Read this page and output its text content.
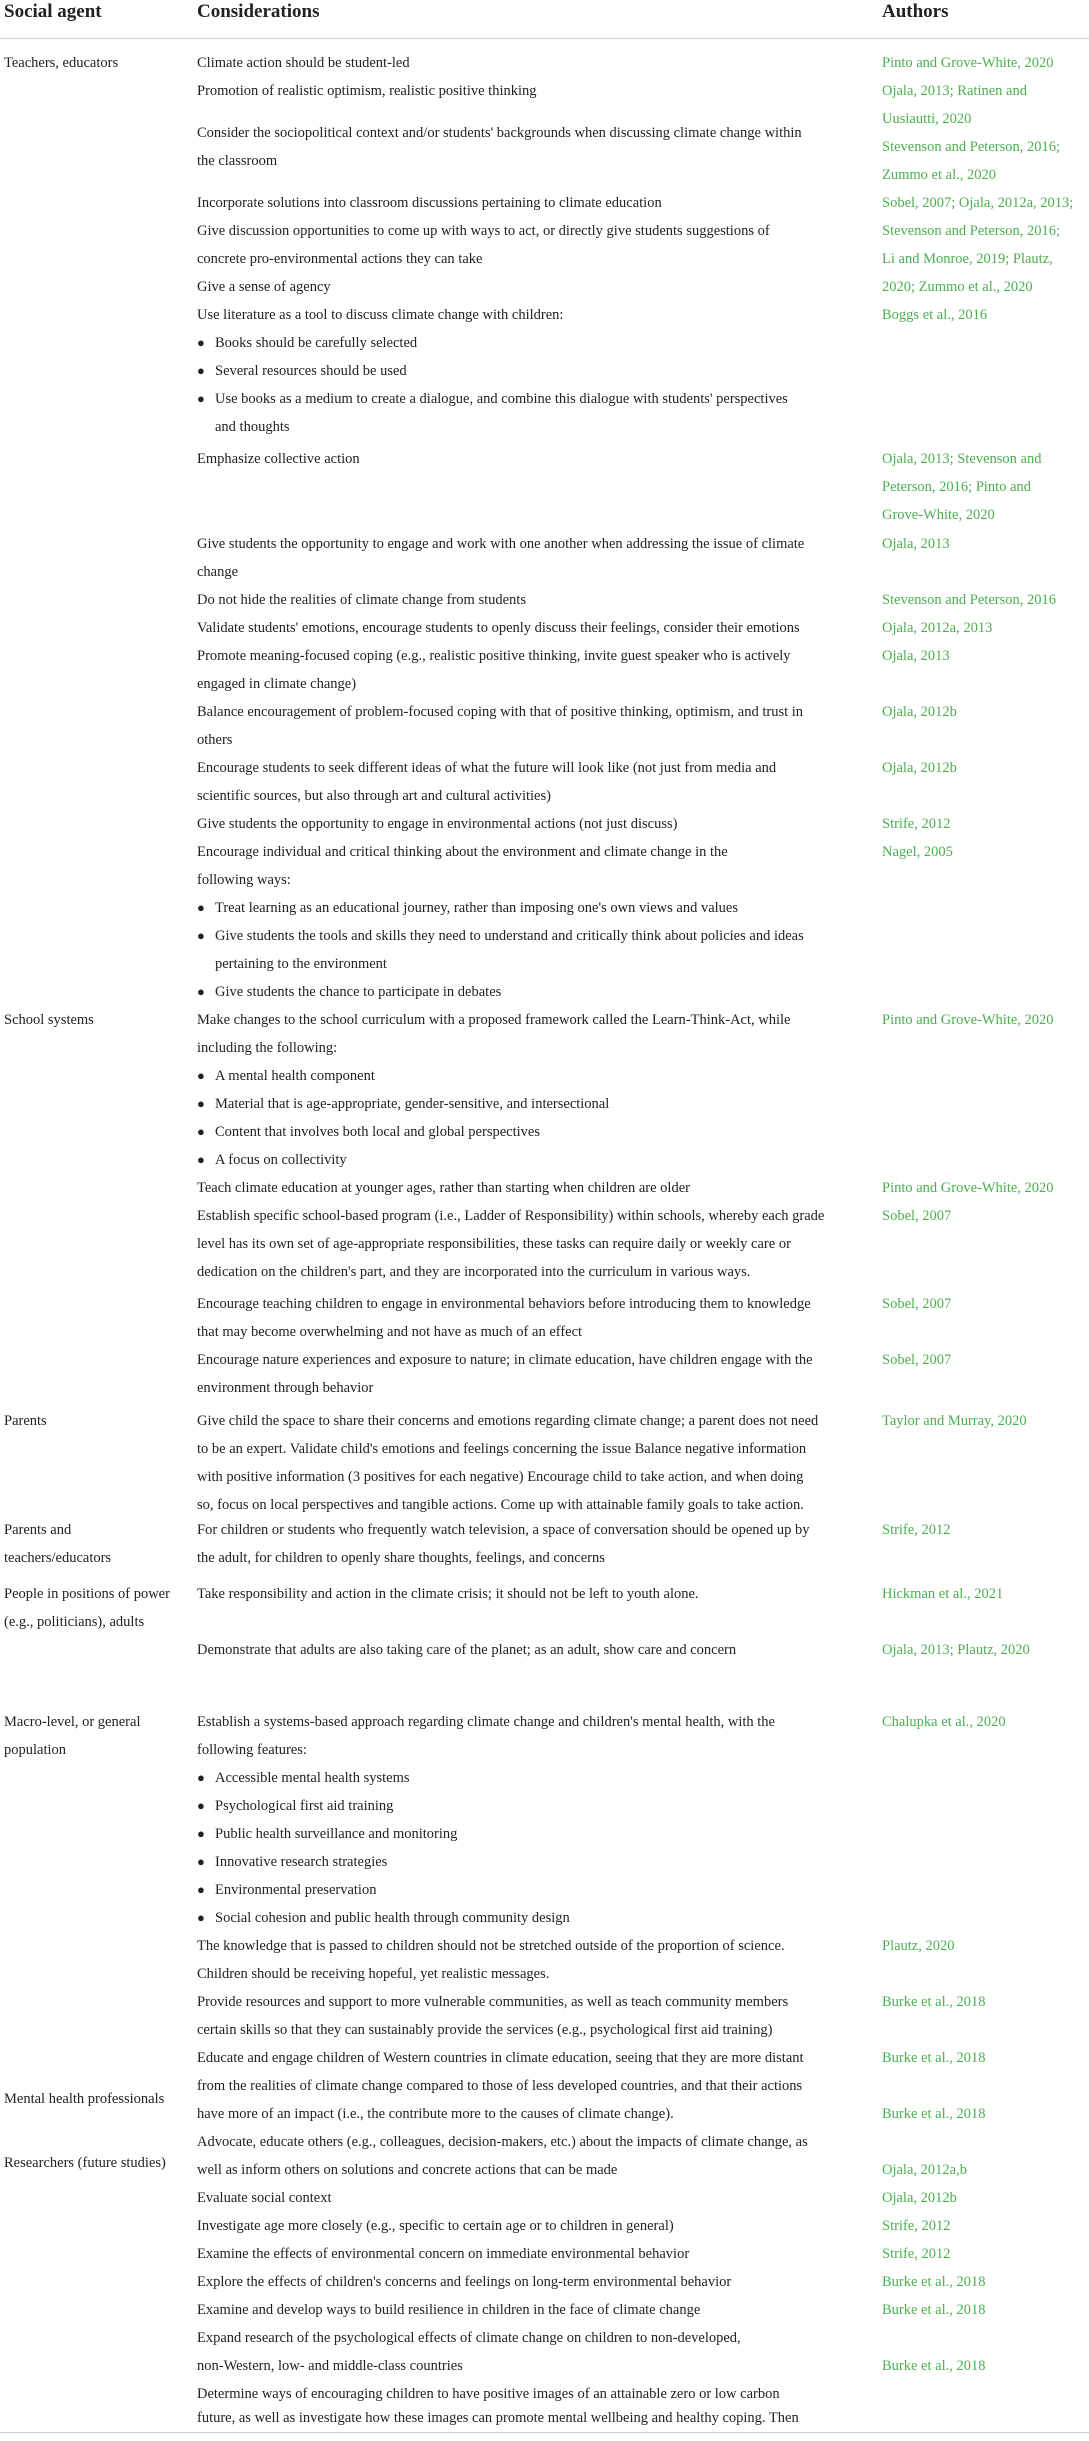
Social agent	Considerations	Authors
Teachers, educators
School systems
Parents
Parents and
teachers/educators
People in positions of power
(e.g., politicians), adults
Macro-level, or general
population
Mental health professionals
Researchers (future studies)
Climate action should be student-led
Promotion of realistic optimism, realistic positive thinking
Consider the sociopolitical context and/or students' backgrounds when discussing climate change within
the classroom
Incorporate solutions into classroom discussions pertaining to climate education
Give discussion opportunities to come up with ways to act, or directly give students suggestions of
concrete pro-environmental actions they can take
Give a sense of agency
Use literature as a tool to discuss climate change with children:
● Books should be carefully selected
● Several resources should be used
● Use books as a medium to create a dialogue, and combine this dialogue with students' perspectives
and thoughts
Emphasize collective action
Give students the opportunity to engage and work with one another when addressing the issue of climate
change
Do not hide the realities of climate change from students
Validate students' emotions, encourage students to openly discuss their feelings, consider their emotions
Promote meaning-focused coping (e.g., realistic positive thinking, invite guest speaker who is actively
engaged in climate change)
Balance encouragement of problem-focused coping with that of positive thinking, optimism, and trust in
others
Encourage students to seek different ideas of what the future will look like (not just from media and
scientific sources, but also through art and cultural activities)
Give students the opportunity to engage in environmental actions (not just discuss)
Encourage individual and critical thinking about the environment and climate change in the
following ways:
● Treat learning as an educational journey, rather than imposing one's own views and values
● Give students the tools and skills they need to understand and critically think about policies and ideas
pertaining to the environment
● Give students the chance to participate in debates
Make changes to the school curriculum with a proposed framework called the Learn-Think-Act, while
including the following:
● A mental health component
● Material that is age-appropriate, gender-sensitive, and intersectional
● Content that involves both local and global perspectives
● A focus on collectivity
Teach climate education at younger ages, rather than starting when children are older
Establish specific school-based program (i.e., Ladder of Responsibility) within schools, whereby each grade
level has its own set of age-appropriate responsibilities, these tasks can require daily or weekly care or
dedication on the children's part, and they are incorporated into the curriculum in various ways.
Encourage teaching children to engage in environmental behaviors before introducing them to knowledge
that may become overwhelming and not have as much of an effect
Encourage nature experiences and exposure to nature; in climate education, have children engage with the
environment through behavior
Give child the space to share their concerns and emotions regarding climate change; a parent does not need
to be an expert. Validate child's emotions and feelings concerning the issue Balance negative information
with positive information (3 positives for each negative) Encourage child to take action, and when doing
so, focus on local perspectives and tangible actions. Come up with attainable family goals to take action.
For children or students who frequently watch television, a space of conversation should be opened up by
the adult, for children to openly share thoughts, feelings, and concerns
Take responsibility and action in the climate crisis; it should not be left to youth alone.
Demonstrate that adults are also taking care of the planet; as an adult, show care and concern
Establish a systems-based approach regarding climate change and children's mental health, with the
following features:
● Accessible mental health systems
● Psychological first aid training
● Public health surveillance and monitoring
● Innovative research strategies
● Environmental preservation
● Social cohesion and public health through community design
The knowledge that is passed to children should not be stretched outside of the proportion of science.
Children should be receiving hopeful, yet realistic messages.
Provide resources and support to more vulnerable communities, as well as teach community members
certain skills so that they can sustainably provide the services (e.g., psychological first aid training)
Educate and engage children of Western countries in climate education, seeing that they are more distant
from the realities of climate change compared to those of less developed countries, and that their actions
have more of an impact (i.e., the contribute more to the causes of climate change).
Advocate, educate others (e.g., colleagues, decision-makers, etc.) about the impacts of climate change, as
well as inform others on solutions and concrete actions that can be made
Evaluate social context
Investigate age more closely (e.g., specific to certain age or to children in general)
Examine the effects of environmental concern on immediate environmental behavior
Explore the effects of children's concerns and feelings on long-term environmental behavior
Examine and develop ways to build resilience in children in the face of climate change
Expand research of the psychological effects of climate change on children to non-developed,
non-Western, low- and middle-class countries
Determine ways of encouraging children to have positive images of an attainable zero or low carbon
future, as well as investigate how these images can promote mental wellbeing and healthy coping. Then
Pinto and Grove-White, 2020
Ojala, 2013; Ratinen and
Uusiautti, 2020
Stevenson and Peterson, 2016;
Zummo et al., 2020
Sobel, 2007; Ojala, 2012a, 2013;
Stevenson and Peterson, 2016;
Li and Monroe, 2019; Plautz,
2020; Zummo et al., 2020
Boggs et al., 2016
Ojala, 2013; Stevenson and
Peterson, 2016; Pinto and
Grove-White, 2020
Ojala, 2013
Stevenson and Peterson, 2016
Ojala, 2012a, 2013
Ojala, 2013
Ojala, 2012b
Ojala, 2012b
Strife, 2012
Nagel, 2005
Pinto and Grove-White, 2020
Pinto and Grove-White, 2020
Sobel, 2007
Sobel, 2007
Sobel, 2007
Taylor and Murray, 2020
Strife, 2012
Hickman et al., 2021
Ojala, 2013; Plautz, 2020
Chalupka et al., 2020
Plautz, 2020
Burke et al., 2018
Burke et al., 2018
Burke et al., 2018
Ojala, 2012a,b
Ojala, 2012b
Strife, 2012
Strife, 2012
Burke et al., 2018
Burke et al., 2018
Burke et al., 2018
